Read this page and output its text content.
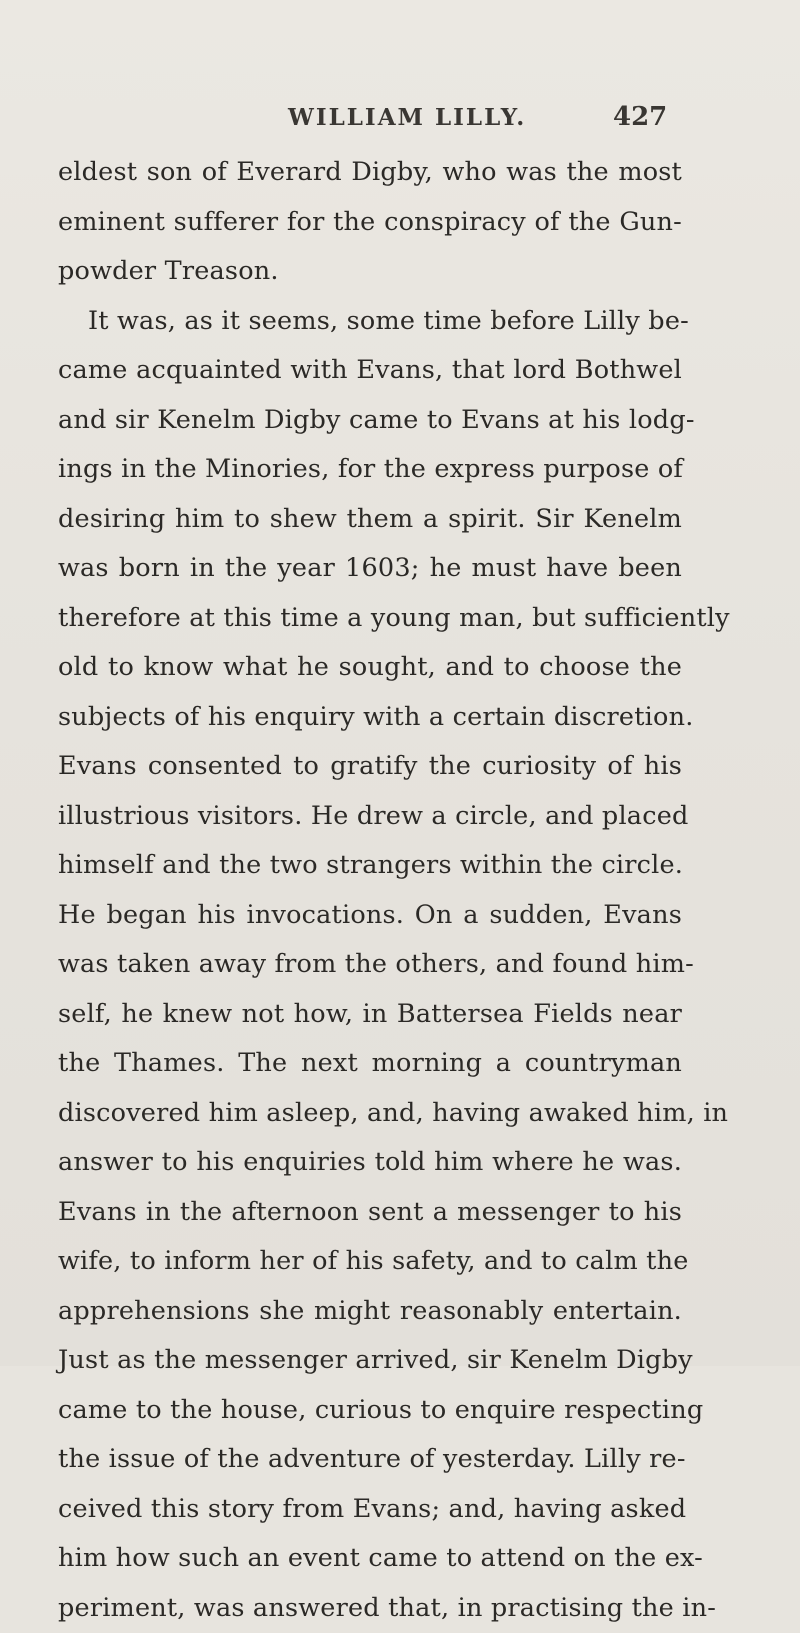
WILLIAM LILLY.	427
eldest son of Everard Digby, who was the most
eminent sufferer for the conspiracy of the Gun-
powder Treason.
It was, as it seems, some time before Lilly be-
came acquainted with Evans, that lord Bothwel
and sir Kenelm Digby came to Evans at his lodg-
ings in the Minories, for the express purpose of
desiring him to shew them a spirit. Sir Kenelm
was born in the year 1603; he must have been
therefore at this time a young man, but sufficiently
old to know what he sought, and to choose the
subjects of his enquiry with a certain discretion.
Evans consented to gratify the curiosity of his
illustrious visitors. He drew a circle, and placed
himself and the two strangers within the circle.
He began his invocations. On a sudden, Evans
was taken away from the others, and found him-
self, he knew not how, in Battersea Fields near
the Thames. The next morning a countryman
discovered him asleep, and, having awaked him, in
answer to his enquiries told him where he was.
Evans in the afternoon sent a messenger to his
wife, to inform her of his safety, and to calm the
apprehensions she might reasonably entertain.
Just as the messenger arrived, sir Kenelm Digby
came to the house, curious to enquire respecting
the issue of the adventure of yesterday. Lilly re-
ceived this story from Evans; and, having asked
him how such an event came to attend on the ex-
periment, was answered that, in practising the in-
